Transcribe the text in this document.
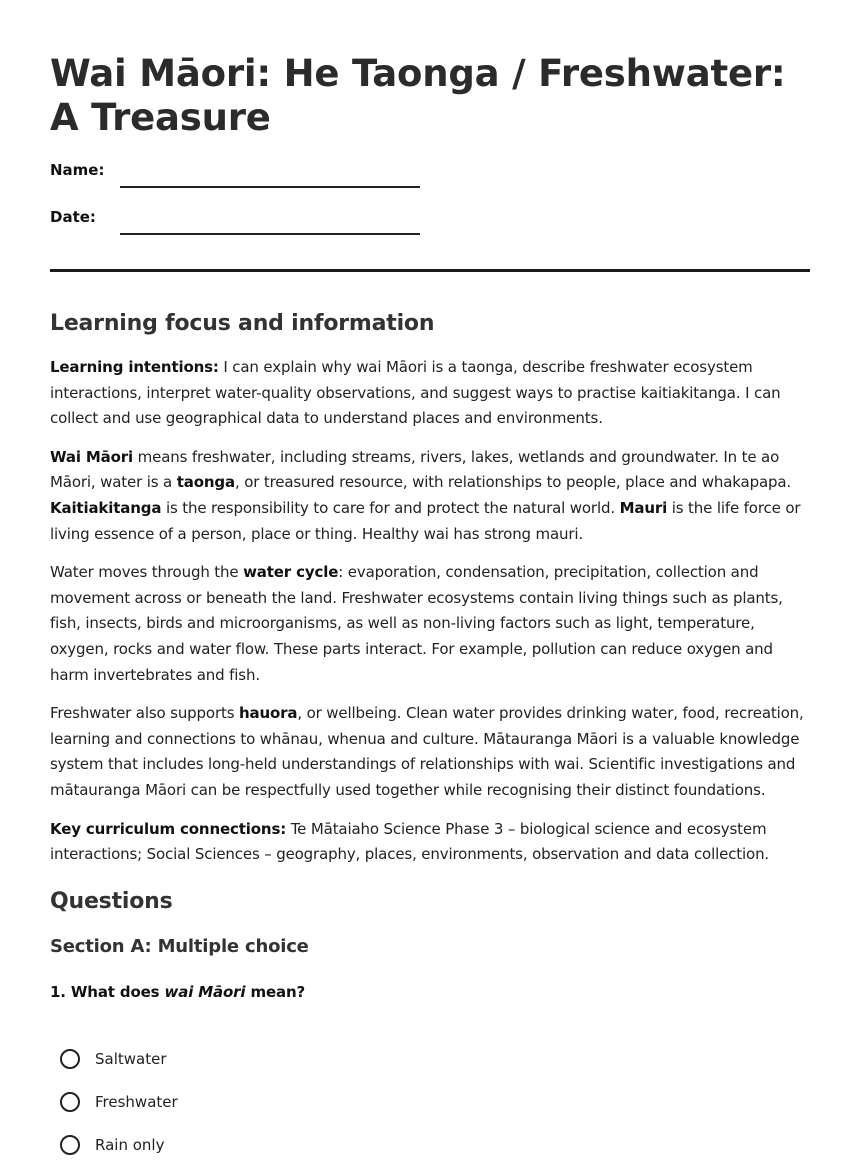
Wai Māori: He Taonga / Freshwater: A Treasure
Name:
Date:
Learning focus and information

Learning intentions: I can explain why wai Māori is a taonga, describe freshwater ecosystem interactions, interpret water-quality observations, and suggest ways to practise kaitiakitanga. I can collect and use geographical data to understand places and environments.

Wai Māori means freshwater, including streams, rivers, lakes, wetlands and groundwater. In te ao Māori, water is a taonga, or treasured resource, with relationships to people, place and whakapapa. Kaitiakitanga is the responsibility to care for and protect the natural world. Mauri is the life force or living essence of a person, place or thing. Healthy wai has strong mauri.

Water moves through the water cycle: evaporation, condensation, precipitation, collection and movement across or beneath the land. Freshwater ecosystems contain living things such as plants, fish, insects, birds and microorganisms, as well as non-living factors such as light, temperature, oxygen, rocks and water flow. These parts interact. For example, pollution can reduce oxygen and harm invertebrates and fish.

Freshwater also supports hauora, or wellbeing. Clean water provides drinking water, food, recreation, learning and connections to whānau, whenua and culture. Mātauranga Māori is a valuable knowledge system that includes long-held understandings of relationships with wai. Scientific investigations and mātauranga Māori can be respectfully used together while recognising their distinct foundations.

Key curriculum connections: Te Mātaiaho Science Phase 3 – biological science and ecosystem interactions; Social Sciences – geography, places, environments, observation and data collection.

Questions
Section A: Multiple choice
1. What does wai Māori mean?
Saltwater
Freshwater
Rain only
